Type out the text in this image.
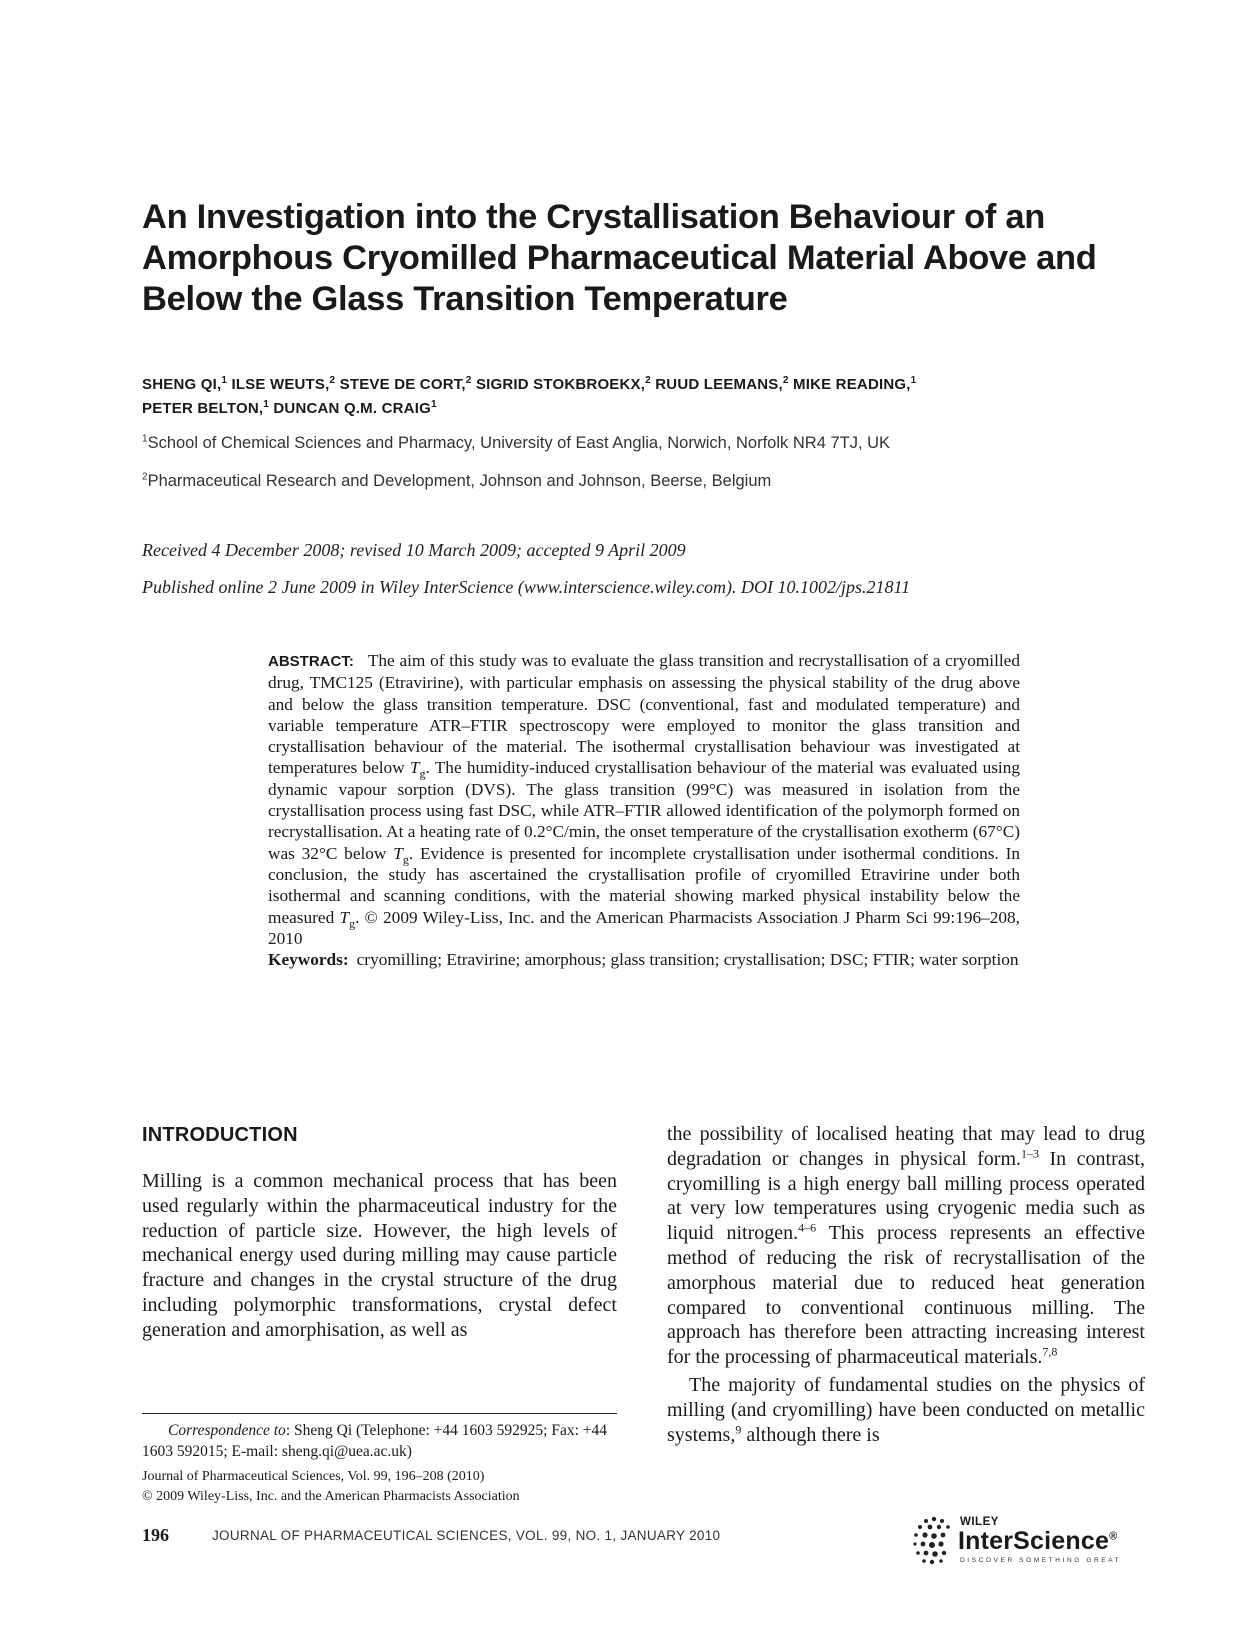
An Investigation into the Crystallisation Behaviour of an Amorphous Cryomilled Pharmaceutical Material Above and Below the Glass Transition Temperature
SHENG QI,$^1$ ILSE WEUTS,$^2$ STEVE DE CORT,$^2$ SIGRID STOKBROEKX,$^2$ RUUD LEEMANS,$^2$ MIKE READING,$^1$
PETER BELTON,$^1$ DUNCAN Q.M. CRAIG$^1$
$^1$School of Chemical Sciences and Pharmacy, University of East Anglia, Norwich, Norfolk NR4 7TJ, UK
$^2$Pharmaceutical Research and Development, Johnson and Johnson, Beerse, Belgium
Received 4 December 2008; revised 10 March 2009; accepted 9 April 2009
Published online 2 June 2009 in Wiley InterScience (www.interscience.wiley.com). DOI 10.1002/jps.21811

ABSTRACT: The aim of this study was to evaluate the glass transition and recrystallisation of a cryomilled drug, TMC125 (Etravirine), with particular emphasis on assessing the physical stability of the drug above and below the glass transition temperature. DSC (conventional, fast and modulated temperature) and variable temperature ATR–FTIR spectroscopy were employed to monitor the glass transition and crystallisation behaviour of the material. The isothermal crystallisation behaviour was investigated at temperatures below $T_g$. The humidity-induced crystallisation behaviour of the material was evaluated using dynamic vapour sorption (DVS). The glass transition (99°C) was measured in isolation from the crystallisation process using fast DSC, while ATR–FTIR allowed identification of the polymorph formed on recrystallisation. At a heating rate of 0.2°C/min, the onset temperature of the crystallisation exotherm (67°C) was 32°C below $T_g$. Evidence is presented for incomplete crystallisation under isothermal conditions. In conclusion, the study has ascertained the crystallisation profile of cryomilled Etravirine under both isothermal and scanning conditions, with the material showing marked physical instability below the measured $T_g$. © 2009 Wiley-Liss, Inc. and the American Pharmacists Association J Pharm Sci 99:196–208, 2010

Keywords: cryomilling; Etravirine; amorphous; glass transition; crystallisation; DSC; FTIR; water sorption

INTRODUCTION

Milling is a common mechanical process that has been used regularly within the pharmaceutical industry for the reduction of particle size. However, the high levels of mechanical energy used during milling may cause particle fracture and changes in the crystal structure of the drug including polymorphic transformations, crystal defect generation and amorphisation, as well as

the possibility of localised heating that may lead to drug degradation or changes in physical form.$^{1-3}$ In contrast, cryomilling is a high energy ball milling process operated at very low temperatures using cryogenic media such as liquid nitrogen.$^{4-6}$ This process represents an effective method of reducing the risk of recrystallisation of the amorphous material due to reduced heat generation compared to conventional continuous milling. The approach has therefore been attracting increasing interest for the processing of pharmaceutical materials.$^{7,8}$

The majority of fundamental studies on the physics of milling (and cryomilling) have been conducted on metallic systems,$^9$ although there is

Correspondence to: Sheng Qi (Telephone: +44 1603 592925; Fax: +44 1603 592015; E-mail: sheng.qi@uea.ac.uk)
Journal of Pharmaceutical Sciences, Vol. 99, 196–208 (2010)
© 2009 Wiley-Liss, Inc. and the American Pharmacists Association
196	JOURNAL OF PHARMACEUTICAL SCIENCES, VOL. 99, NO. 1, JANUARY 2010
WILEY
InterScience®
DISCOVER SOMETHING GREAT
